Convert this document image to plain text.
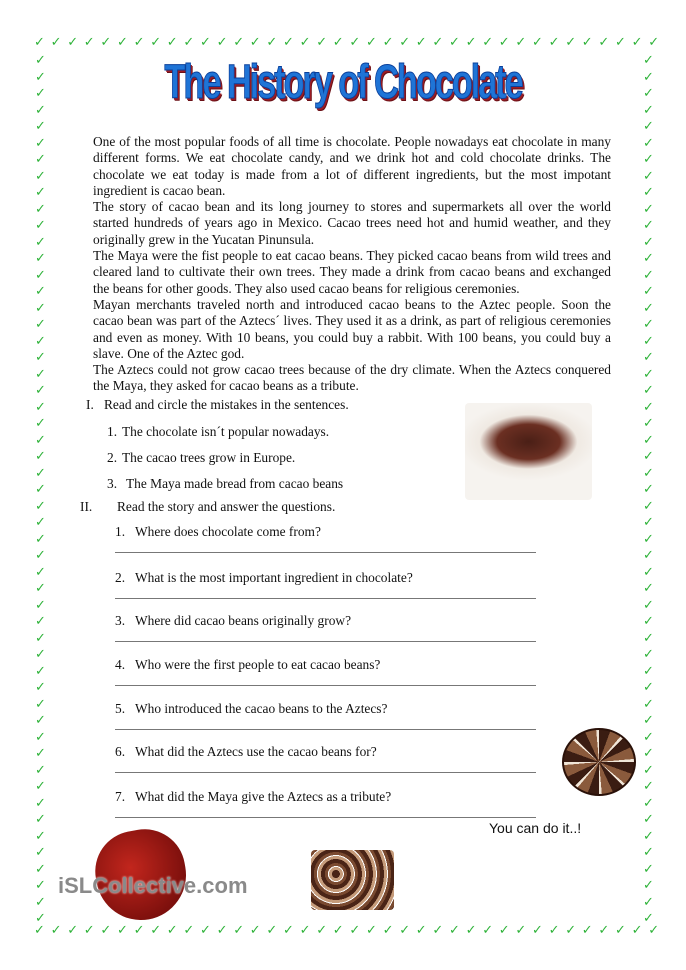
✓
✓
✓
✓
✓
✓
✓
✓
✓
✓
✓
✓
✓
✓
✓
✓
✓
✓
✓
✓
✓
✓
✓
✓
✓
✓
✓
✓
✓
✓
✓
✓
✓
✓
✓
✓
✓
✓
✓
✓
✓
✓
✓
✓
✓
✓
✓
✓
✓
✓
✓
✓
✓
✓
✓
✓
✓
✓
✓
✓
✓
✓
✓
✓
✓
✓
✓
✓
✓
✓
✓
✓
✓
✓
✓
✓
✓	✓
✓	✓
✓	✓
✓	✓
✓	✓
✓	✓
✓	✓
✓	✓
✓	✓
✓	✓
✓	✓
✓	✓
✓	✓
✓	✓
✓	✓
✓	✓
✓	✓
✓	✓
✓	✓
✓	✓
✓	✓
✓	✓
✓	✓
✓	✓
✓	✓
✓	✓
✓	✓
✓	✓
✓	✓
✓	✓
✓	✓
✓	✓
✓	✓
✓	✓
✓	✓
✓	✓
✓	✓
✓	✓
✓	✓
✓	✓
✓	✓
✓	✓
✓	✓
✓	✓
✓	✓
✓	✓
✓	✓
✓	✓
✓	✓
✓	✓
✓	✓
✓	✓
✓	✓
The History of Chocolate

One of the most popular foods of all time is chocolate. People nowadays eat chocolate in many different forms. We eat chocolate candy, and we drink hot and cold chocolate drinks. The chocolate we eat today is made from a lot of different ingredients, but the most impotant ingredient is cacao bean.

The story of cacao bean and its long journey to stores and supermarkets all over the world started hundreds of years ago in Mexico. Cacao trees need hot and humid weather, and they originally grew in the Yucatan Pinunsula.

The Maya were the fist people to eat cacao beans. They picked cacao beans from wild trees and cleared land to cultivate their own trees. They made a drink from cacao beans and exchanged the beans for other goods. They also used cacao beans for religious ceremonies.

Mayan merchants traveled north and introduced cacao beans to the Aztec people. Soon the cacao bean was part of the Aztecs´ lives. They used it as a drink, as part of religious ceremonies and even as money. With 10 beans, you could buy a rabbit. With 100 beans, you could buy a slave. One of the Aztec god.

The Aztecs could not grow cacao trees because of the dry climate. When the Aztecs conquered the Maya, they asked for cacao beans as a tribute.

I. Read and circle the mistakes in the sentences.
1. The chocolate isn´t popular nowadays.
2. The cacao trees grow in Europe.
3. The Maya made bread from cacao beans
II. Read the story and answer the questions.
1. Where does chocolate come from?
2. What is the most important ingredient in chocolate?
3. Where did cacao beans originally grow?
4. Who were the first people to eat cacao beans?
5. Who introduced the cacao beans to the Aztecs?
6. What did the Aztecs use the cacao beans for?
7. What did the Maya give the Aztecs as a tribute?
iSLCollective.com
You can do it..!
